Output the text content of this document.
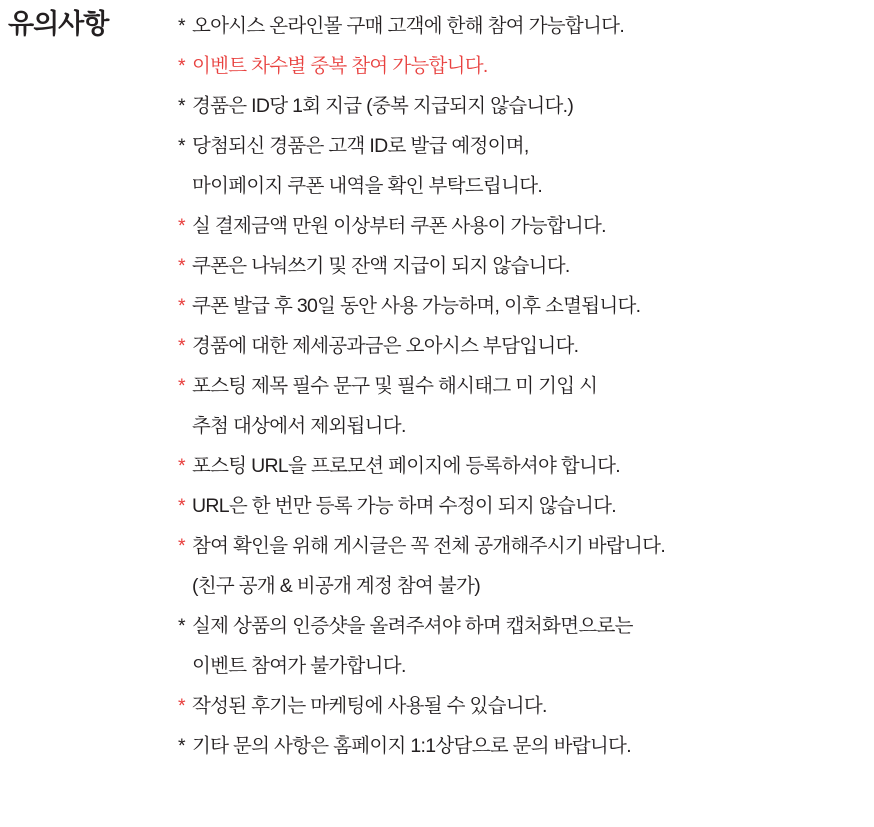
유의사항	* 오아시스 온라인몰 구매 고객에 한해 참여 가능합니다.
* 이벤트 차수별 중복 참여 가능합니다.
* 경품은 ID당 1회 지급 (중복 지급되지 않습니다.)
* 당첨되신 경품은 고객 ID로 발급 예정이며,
마이페이지 쿠폰 내역을 확인 부탁드립니다.
* 실 결제금액 만원 이상부터 쿠폰 사용이 가능합니다.
* 쿠폰은 나눠쓰기 및 잔액 지급이 되지 않습니다.
* 쿠폰 발급 후 30일 동안 사용 가능하며, 이후 소멸됩니다.
* 경품에 대한 제세공과금은 오아시스 부담입니다.
* 포스팅 제목 필수 문구 및 필수 해시태그 미 기입 시
추첨 대상에서 제외됩니다.
* 포스팅 URL을 프로모션 페이지에 등록하셔야 합니다.
* URL은 한 번만 등록 가능 하며 수정이 되지 않습니다.
* 참여 확인을 위해 게시글은 꼭 전체 공개해주시기 바랍니다.
(친구 공개 & 비공개 계정 참여 불가)
* 실제 상품의 인증샷을 올려주셔야 하며 캡처화면으로는
이벤트 참여가 불가합니다.
* 작성된 후기는 마케팅에 사용될 수 있습니다.
* 기타 문의 사항은 홈페이지 1:1상담으로 문의 바랍니다.
